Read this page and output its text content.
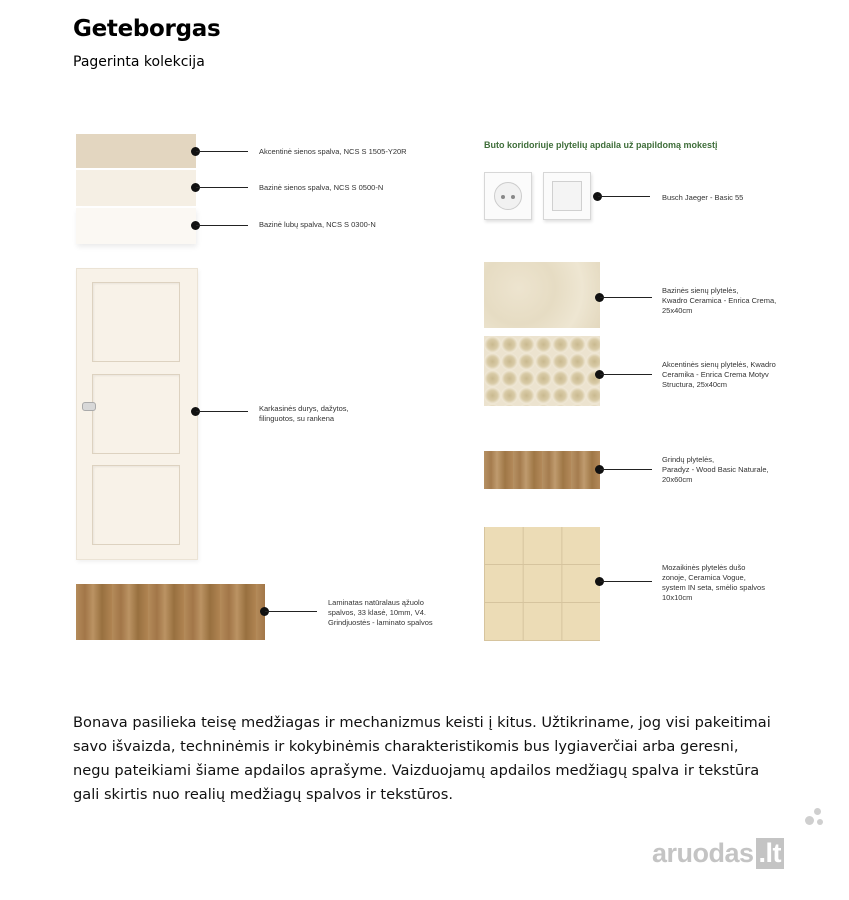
Geteborgas
Pagerinta kolekcija
Akcentinė sienos spalva, NCS S 1505-Y20R
Bazinė sienos spalva, NCS S 0500-N
Bazinė lubų spalva, NCS S 0300-N
Karkasinės durys, dažytos,
filinguotos, su rankena
Laminatas natūralaus ąžuolo
spalvos, 33 klasė, 10mm, V4.
Grindjuostės - laminato spalvos
Buto koridoriuje plytelių apdaila už papildomą mokestį
Busch Jaeger - Basic 55
Bazinės sienų plytelės,
Kwadro Ceramica - Enrica Crema,
25x40cm
Akcentinės sienų plytelės, Kwadro
Ceramika - Enrica Crema Motyv
Structura, 25x40cm
Grindų plytelės,
Paradyz - Wood Basic Naturale,
20x60cm
Mozaikinės plytelės dušo
zonoje, Ceramica Vogue,
system IN seta, smėlio spalvos
10x10cm
Bonava pasilieka teisę medžiagas ir mechanizmus keisti į kitus. Užtikriname, jog visi pakeitimai savo išvaizda, techninėmis ir kokybinėmis charakteristikomis bus lygiaverčiai arba geresni, negu pateikiami šiame apdailos aprašyme. Vaizduojamų apdailos medžiagų spalva ir tekstūra gali skirtis nuo realių medžiagų spalvos ir tekstūros.
aruodas .lt
